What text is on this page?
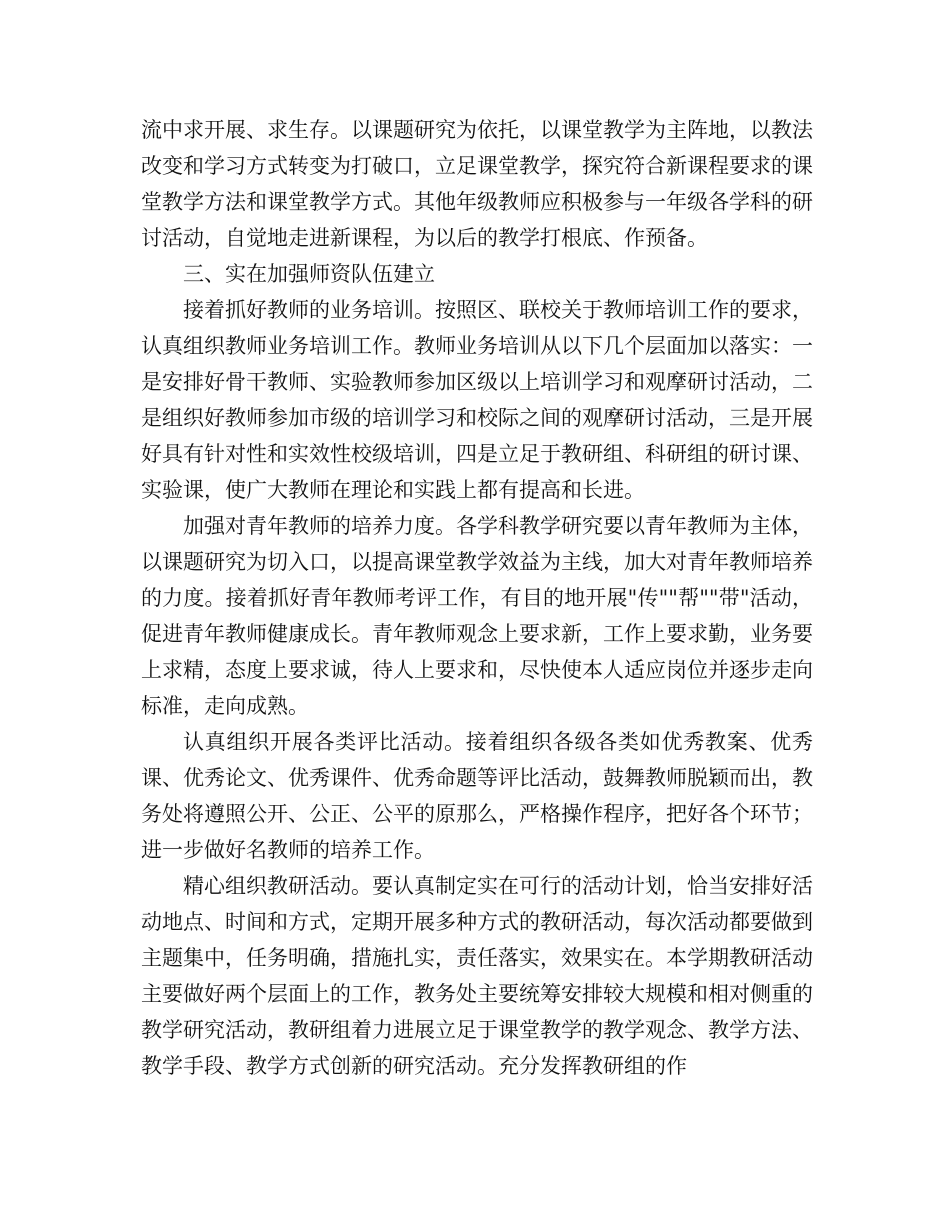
流中求开展、求生存。以课题研究为依托，以课堂教学为主阵地，以教法改变和学习方式转变为打破口，立足课堂教学，探究符合新课程要求的课堂教学方法和课堂教学方式。其他年级教师应积极参与一年级各学科的研讨活动，自觉地走进新课程，为以后的教学打根底、作预备。

三、实在加强师资队伍建立

接着抓好教师的业务培训。按照区、联校关于教师培训工作的要求，认真组织教师业务培训工作。教师业务培训从以下几个层面加以落实：一是安排好骨干教师、实验教师参加区级以上培训学习和观摩研讨活动，二是组织好教师参加市级的培训学习和校际之间的观摩研讨活动，三是开展好具有针对性和实效性校级培训，四是立足于教研组、科研组的研讨课、实验课，使广大教师在理论和实践上都有提高和长进。

加强对青年教师的培养力度。各学科教学研究要以青年教师为主体，以课题研究为切入口，以提高课堂教学效益为主线，加大对青年教师培养的力度。接着抓好青年教师考评工作，有目的地开展"传""帮""带"活动，促进青年教师健康成长。青年教师观念上要求新，工作上要求勤，业务要上求精，态度上要求诚，待人上要求和，尽快使本人适应岗位并逐步走向标准，走向成熟。

认真组织开展各类评比活动。接着组织各级各类如优秀教案、优秀课、优秀论文、优秀课件、优秀命题等评比活动，鼓舞教师脱颖而出，教务处将遵照公开、公正、公平的原那么，严格操作程序，把好各个环节；进一步做好名教师的培养工作。

精心组织教研活动。要认真制定实在可行的活动计划，恰当安排好活动地点、时间和方式，定期开展多种方式的教研活动，每次活动都要做到主题集中，任务明确，措施扎实，责任落实，效果实在。本学期教研活动主要做好两个层面上的工作，教务处主要统筹安排较大规模和相对侧重的教学研究活动，教研组着力进展立足于课堂教学的教学观念、教学方法、教学手段、教学方式创新的研究活动。充分发挥教研组的作
